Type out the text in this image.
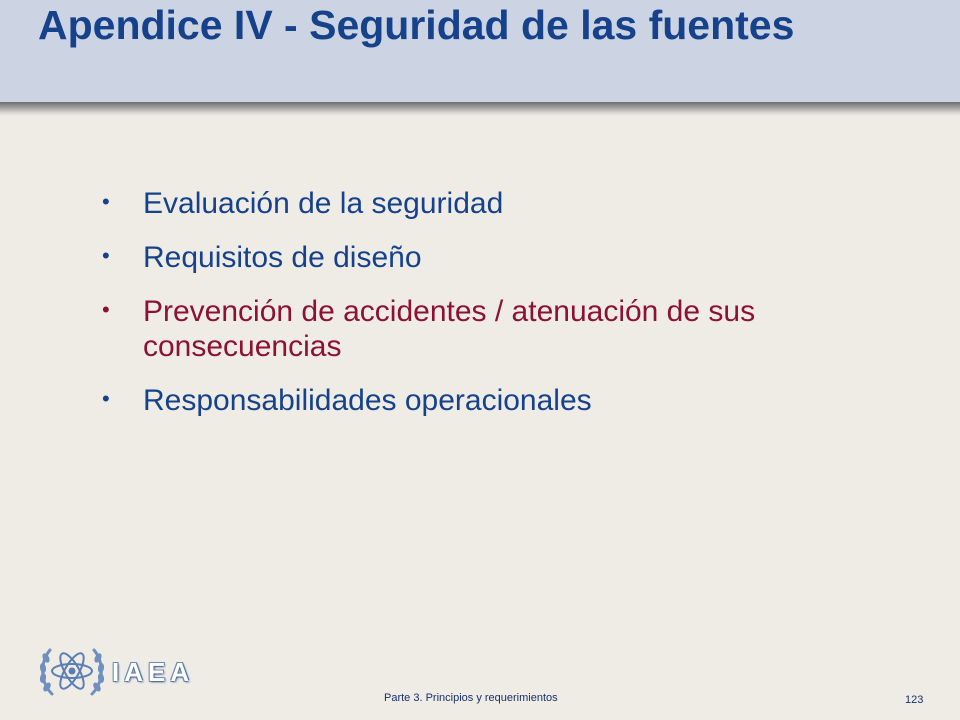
Apendice IV - Seguridad de las fuentes
• Evaluación de la seguridad
• Requisitos de diseño
• Prevención de accidentes / atenuación de sus consecuencias
• Responsabilidades operacionales

IAEA

Parte 3. Principios y requerimientos	123
